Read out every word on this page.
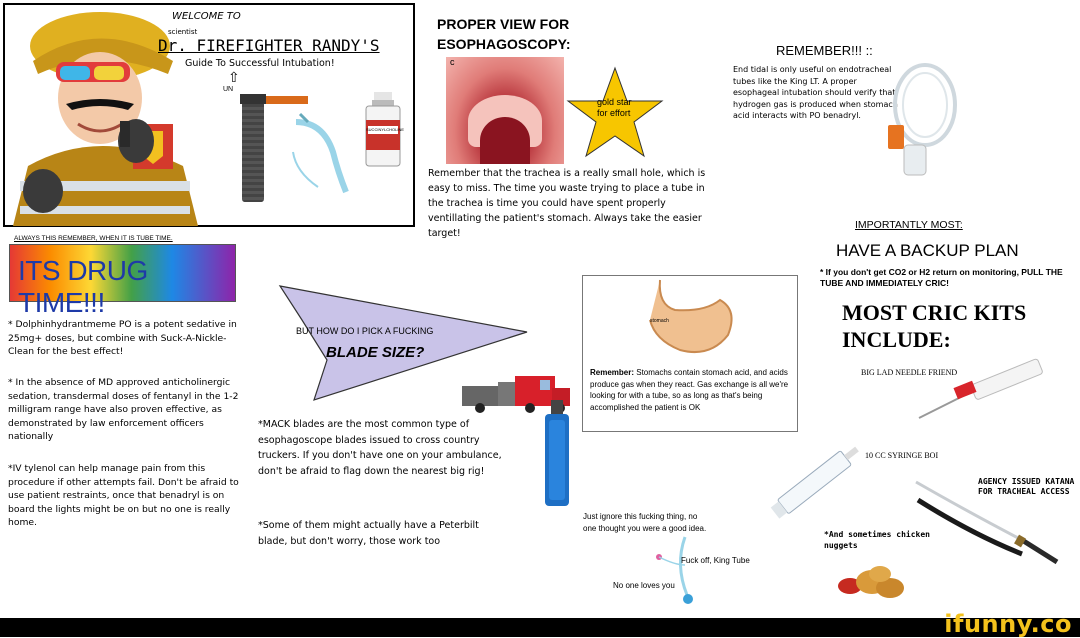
WELCOME TO
scientist
Dr. FIREFIGHTER RANDY'S
Guide To Successful Intubation!
⇧
UN
SUCCINYLCHOLINE
PROPER VIEW FOR
ESOPHAGOSCOPY:
c
gold star for effort
Remember that the trachea is a really small hole, which is easy to miss. The time you waste trying to place a tube in the trachea is time you could have spent properly ventillating the patient's stomach. Always take the easier target!
REMEMBER!!! ::
End tidal is only useful on endotracheal tubes like the King LT. A proper esophageal intubation should verify that hydrogen gas is produced when stomach acid interacts with PO benadryl.
ALWAYS THIS REMEMBER, WHEN IT IS TUBE TIME.
ITS DRUG TIME!!!
* Dolphinhydrantmeme PO is a potent sedative in 25mg+ doses, but combine with Suck-A-Nickle-Clean for the best effect!
* In the absence of MD approved anticholinergic sedation, transdermal doses of fentanyl in the 1-2 milligram range have also proven effective, as demonstrated by law enforcement officers nationally
*IV tylenol can help manage pain from this procedure if other attempts fail. Don't be afraid to use patient restraints, once that benadryl is on board the lights might be on but no one is really home.
BUT HOW DO I PICK A FUCKING
BLADE SIZE?
*MACK blades are the most common type of esophagoscope blades issued to cross country truckers. If you don't have one on your ambulance, don't be afraid to flag down the nearest big rig!
*Some of them might actually have a Peterbilt blade, but don't worry, those work too
stomach
Remember: Stomachs contain stomach acid, and acids produce gas when they react. Gas exchange is all we're looking for with a tube, so as long as that's being accomplished the patient is OK
Just ignore this fucking thing, no one thought you were a good idea.
Fuck off, King Tube
No one loves you
IMPORTANTLY MOST:
HAVE A BACKUP PLAN
* If you don't get CO2 or H2 return on monitoring, PULL THE TUBE AND IMMEDIATELY CRIC!
MOST CRIC KITS
INCLUDE:
BIG LAD NEEDLE FRIEND
10 CC SYRINGE BOI
AGENCY ISSUED KATANA FOR TRACHEAL ACCESS
*And sometimes chicken nuggets
ifunny.co
